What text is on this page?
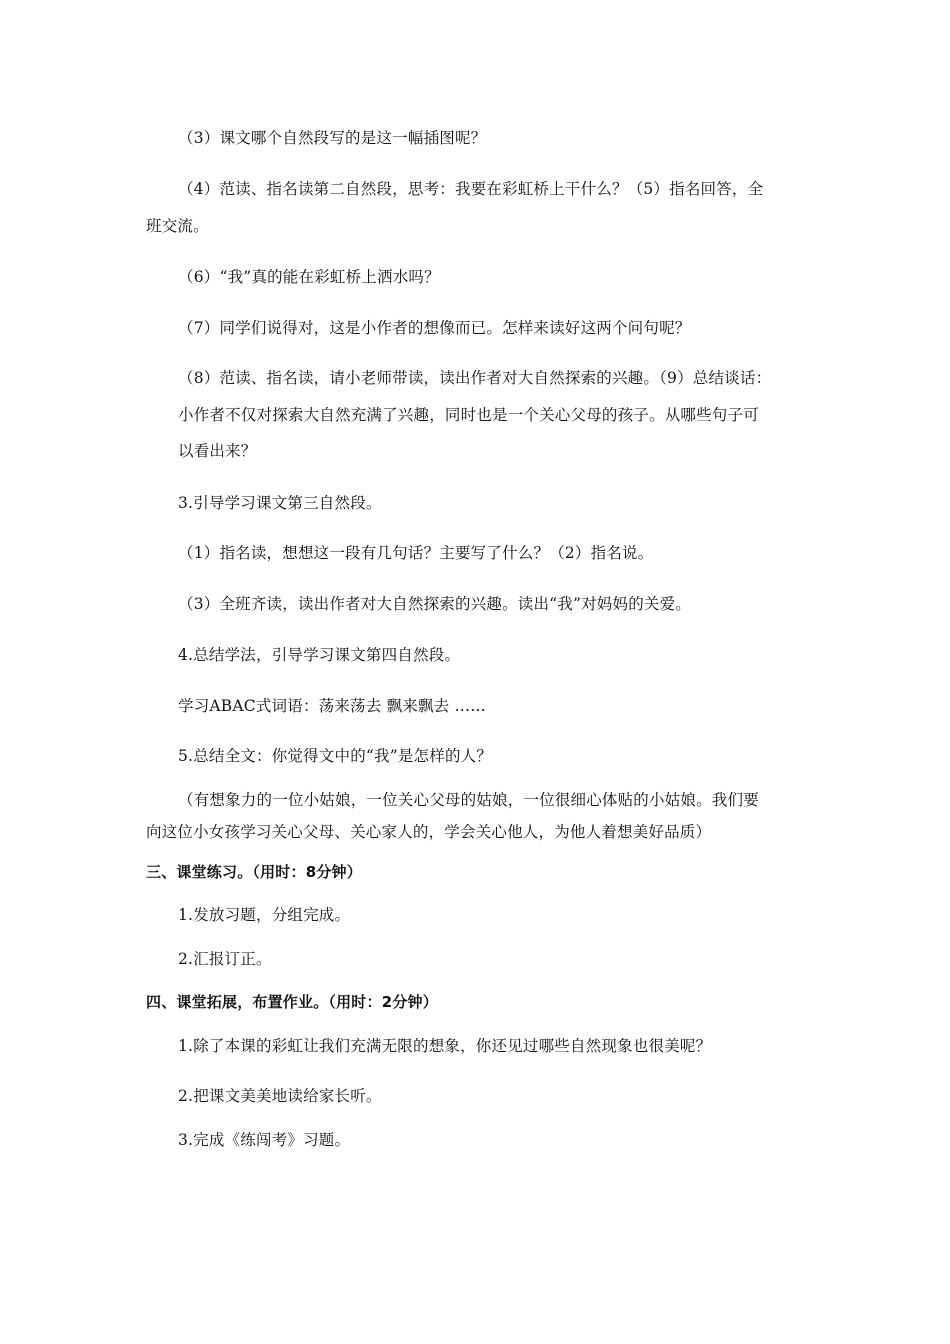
（3）课文哪个自然段写的是这一幅插图呢？
（4）范读、指名读第二自然段，思考：我要在彩虹桥上干什么？（5）指名回答，全
班交流。
（6）“我”真的能在彩虹桥上洒水吗？
（7）同学们说得对，这是小作者的想像而已。怎样来读好这两个问句呢？
（8）范读、指名读，请小老师带读，读出作者对大自然探索的兴趣。（9）总结谈话：
小作者不仅对探索大自然充满了兴趣，同时也是一个关心父母的孩子。从哪些句子可
以看出来？
3.引导学习课文第三自然段。
（1）指名读，想想这一段有几句话？主要写了什么？（2）指名说。
（3）全班齐读，读出作者对大自然探索的兴趣。读出“我”对妈妈的关爱。
4.总结学法，引导学习课文第四自然段。
学习ABAC式词语：荡来荡去 飘来飘去 ……
5.总结全文：你觉得文中的“我”是怎样的人？
（有想象力的一位小姑娘，一位关心父母的姑娘，一位很细心体贴的小姑娘。我们要
向这位小女孩学习关心父母、关心家人的，学会关心他人，为他人着想美好品质）
三、课堂练习。（用时：8分钟）
1.发放习题，分组完成。
2.汇报订正。
四、课堂拓展，布置作业。（用时：2分钟）
1.除了本课的彩虹让我们充满无限的想象，你还见过哪些自然现象也很美呢？
2.把课文美美地读给家长听。
3.完成《练闯考》习题。
